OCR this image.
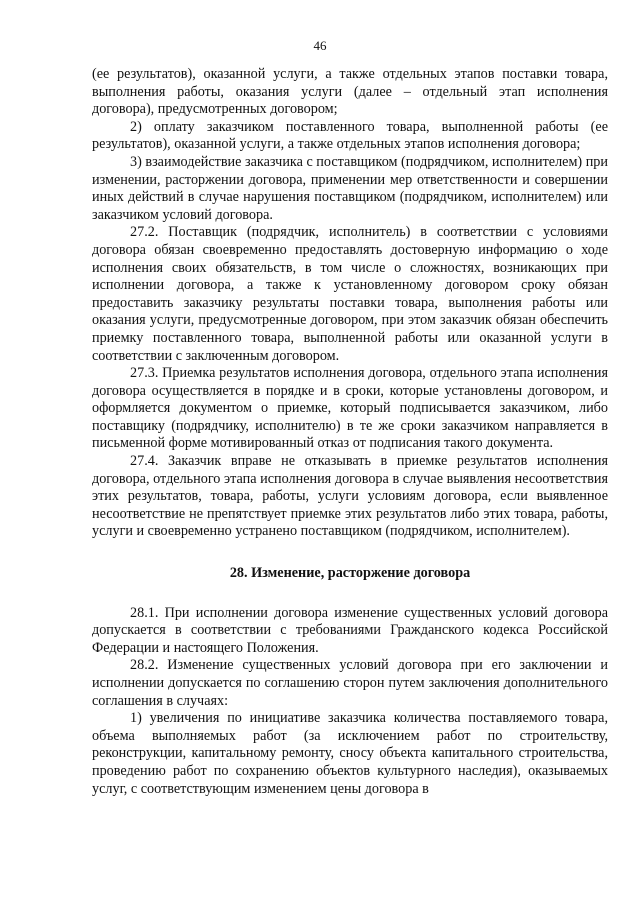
46

(ее результатов), оказанной услуги, а также отдельных этапов поставки товара, выполнения работы, оказания услуги (далее – отдельный этап исполнения договора), предусмотренных договором;

2) оплату заказчиком поставленного товара, выполненной работы (ее результатов), оказанной услуги, а также отдельных этапов исполнения договора;

3) взаимодействие заказчика с поставщиком (подрядчиком, исполнителем) при изменении, расторжении договора, применении мер ответственности и совершении иных действий в случае нарушения поставщиком (подрядчиком, исполнителем) или заказчиком условий договора.

27.2. Поставщик (подрядчик, исполнитель) в соответствии с условиями договора обязан своевременно предоставлять достоверную информацию о ходе исполнения своих обязательств, в том числе о сложностях, возникающих при исполнении договора, а также к установленному договором сроку обязан предоставить заказчику результаты поставки товара, выполнения работы или оказания услуги, предусмотренные договором, при этом заказчик обязан обеспечить приемку поставленного товара, выполненной работы или оказанной услуги в соответствии с заключенным договором.

27.3. Приемка результатов исполнения договора, отдельного этапа исполнения договора осуществляется в порядке и в сроки, которые установлены договором, и оформляется документом о приемке, который подписывается заказчиком, либо поставщику (подрядчику, исполнителю) в те же сроки заказчиком направляется в письменной форме мотивированный отказ от подписания такого документа.

27.4. Заказчик вправе не отказывать в приемке результатов исполнения договора, отдельного этапа исполнения договора в случае выявления несоответствия этих результатов, товара, работы, услуги условиям договора, если выявленное несоответствие не препятствует приемке этих результатов либо этих товара, работы, услуги и своевременно устранено поставщиком (подрядчиком, исполнителем).

28. Изменение, расторжение договора

28.1. При исполнении договора изменение существенных условий договора допускается в соответствии с требованиями Гражданского кодекса Российской Федерации и настоящего Положения.

28.2. Изменение существенных условий договора при его заключении и исполнении допускается по соглашению сторон путем заключения дополнительного соглашения в случаях:

1) увеличения по инициативе заказчика количества поставляемого товара, объема выполняемых работ (за исключением работ по строительству, реконструкции, капитальному ремонту, сносу объекта капитального строительства, проведению работ по сохранению объектов культурного наследия), оказываемых услуг, с соответствующим изменением цены договора в
